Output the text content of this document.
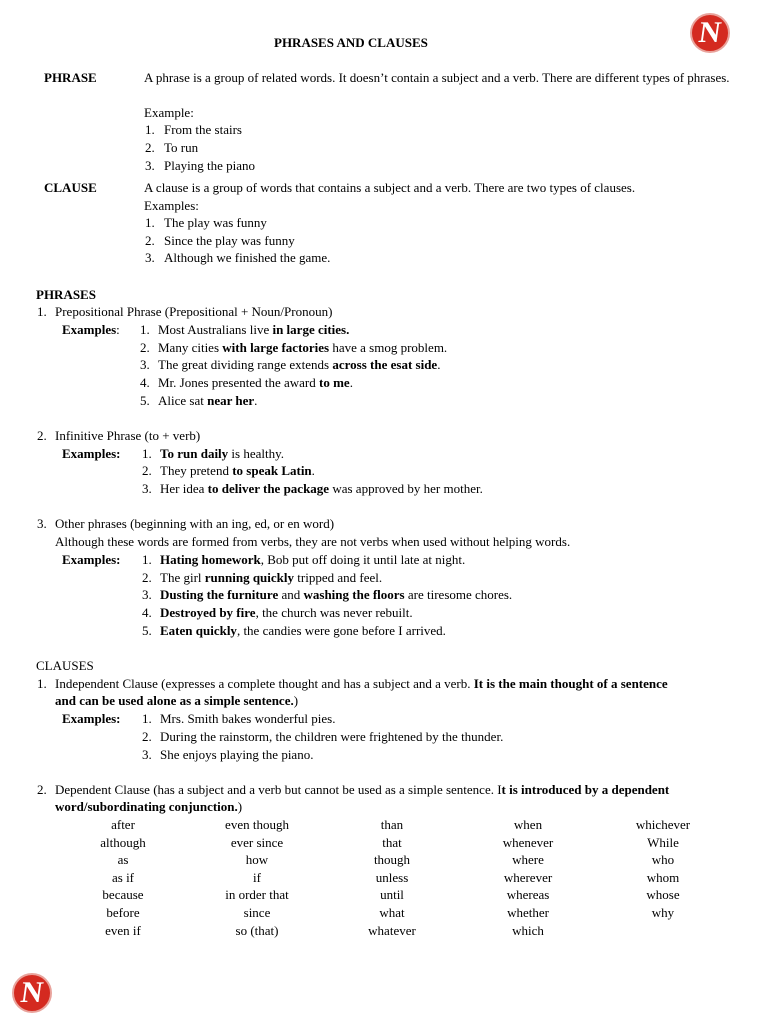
N
N
PHRASES AND CLAUSES
PHRASE	A phrase is a group of related words. It doesn’t contain a subject and a verb. There are different types of phrases.
Example:
1. From the stairs
2. To run
3. Playing the piano
CLAUSE	A clause is a group of words that contains a subject and a verb. There are two types of clauses.
Examples:
1. The play was funny
2. Since the play was funny
3. Although we finished the game.
PHRASES
1. Prepositional Phrase (Prepositional + Noun/Pronoun)
Examples: 1. Most Australians live in large cities.
2. Many cities with large factories have a smog problem.
3. The great dividing range extends across the esat side.
4. Mr. Jones presented the award to me.
5. Alice sat near her.
2. Infinitive Phrase (to + verb)
Examples: 1. To run daily is healthy.
2. They pretend to speak Latin.
3. Her idea to deliver the package was approved by her mother.
3. Other phrases (beginning with an ing, ed, or en word)
Although these words are formed from verbs, they are not verbs when used without helping words.
Examples: 1. Hating homework, Bob put off doing it until late at night.
2. The girl running quickly tripped and feel.
3. Dusting the furniture and washing the floors are tiresome chores.
4. Destroyed by fire, the church was never rebuilt.
5. Eaten quickly, the candies were gone before I arrived.
CLAUSES
1. Independent Clause (expresses a complete thought and has a subject and a verb. It is the main thought of a sentence
and can be used alone as a simple sentence.)
Examples: 1. Mrs. Smith bakes wonderful pies.
2. During the rainstorm, the children were frightened by the thunder.
3. She enjoys playing the piano.
2. Dependent Clause (has a subject and a verb but cannot be used as a simple sentence. It is introduced by a dependent
word/subordinating conjunction.)
after
although
as
as if
because
before
even if
even though
ever since
how
if
in order that
since
so (that)
than
that
though
unless
until
what
whatever
when
whenever
where
wherever
whereas
whether
which
whichever
While
who
whom
whose
why
